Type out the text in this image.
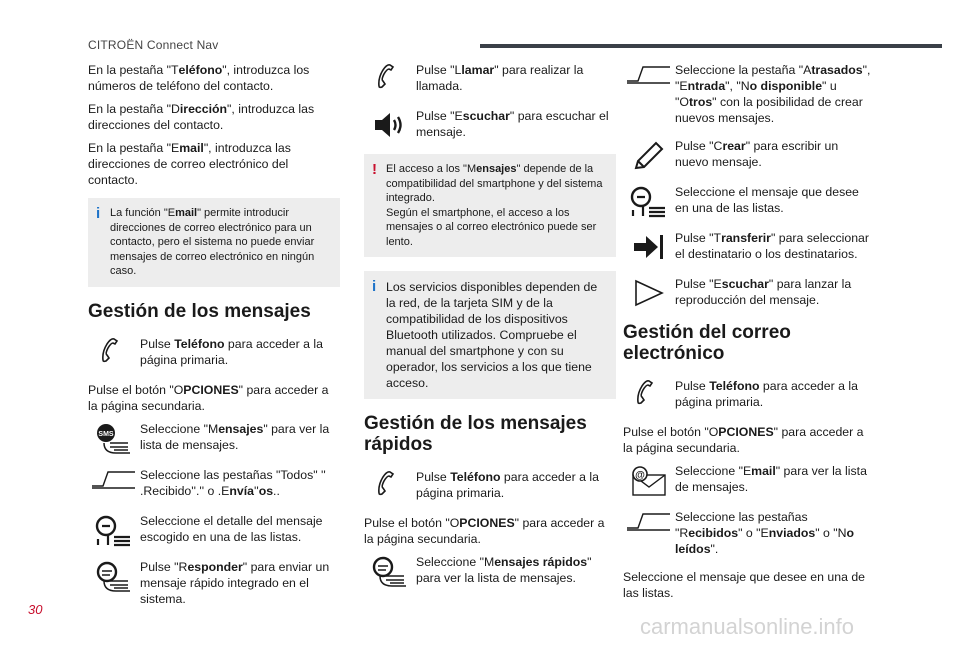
CITROËN Connect Nav

En la pestaña "Teléfono", introduzca los números de teléfono del contacto.

En la pestaña "Dirección", introduzca las direcciones del contacto.

En la pestaña "Email", introduzca las direcciones de correo electrónico del contacto.

i La función "Email" permite introducir direcciones de correo electrónico para un contacto, pero el sistema no puede enviar mensajes de correo electrónico en ningún caso.
Gestión de los mensajes
Pulse Teléfono para acceder a la página primaria.

Pulse el botón "OPCIONES" para acceder a la página secundaria.

SMS Seleccione "Mensajes" para ver la lista de mensajes.
Seleccione las pestañas "Todos" '' .Recibido''.'' o .Envía''os..
Seleccione el detalle del mensaje escogido en una de las listas.
Pulse "Responder" para enviar un mensaje rápido integrado en el sistema.
Pulse "Llamar" para realizar la llamada.
Pulse "Escuchar" para escuchar el mensaje.
! El acceso a los "Mensajes" depende de la compatibilidad del smartphone y del sistema integrado.
Según el smartphone, el acceso a los mensajes o al correo electrónico puede ser lento.
i Los servicios disponibles dependen de la red, de la tarjeta SIM y de la compatibilidad de los dispositivos Bluetooth utilizados. Compruebe el manual del smartphone y con su operador, los servicios a los que tiene acceso.
Gestión de los mensajes rápidos
Pulse Teléfono para acceder a la página primaria.

Pulse el botón "OPCIONES" para acceder a la página secundaria.

Seleccione "Mensajes rápidos" para ver la lista de mensajes.
Seleccione la pestaña "Atrasados", "Entrada", "No disponible" u "Otros" con la posibilidad de crear nuevos mensajes.
Pulse "Crear" para escribir un nuevo mensaje.
Seleccione el mensaje que desee en una de las listas.
Pulse "Transferir" para seleccionar el destinatario o los destinatarios.
Pulse "Escuchar" para lanzar la reproducción del mensaje.
Gestión del correo electrónico
Pulse Teléfono para acceder a la página primaria.

Pulse el botón "OPCIONES" para acceder a la página secundaria.

@ Seleccione "Email" para ver la lista de mensajes.
Seleccione las pestañas "Recibidos" o "Enviados" o "No leídos".

Seleccione el mensaje que desee en una de las listas.

30
carmanualsonline.info
